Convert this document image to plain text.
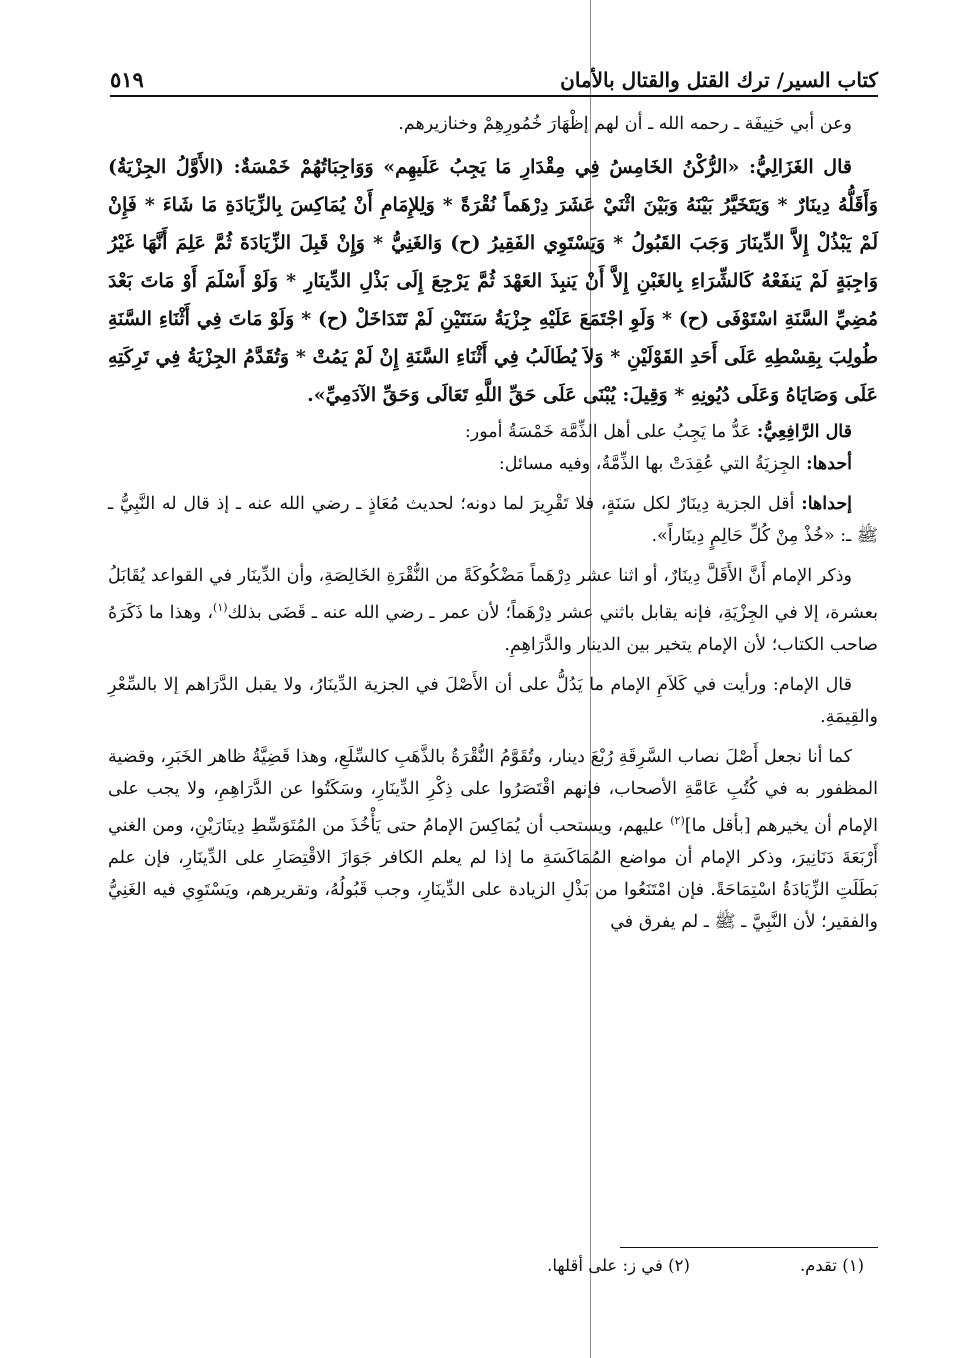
كتاب السير/ ترك القتل والقتال بالأمان
٥١٩

وعن أبي حَنِيفَة ـ رحمه الله ـ أن لهم إظْهَارَ خُمُورِهِمْ وخنازيرهم.

قال الغَزَالِيُّ: «الرُّكْنُ الخَامِسُ فِي مِقْدَارِ مَا يَجِبُ عَلَيهِم» وَوَاجِبَاتُهُمْ خَمْسَةٌ: (الأَوَّلُ الجِزْيَةُ) وَأَقَلُّهُ دِينَارٌ * وَيَتَخَيَّرُ بَيْنَهُ وَبَيْنَ اثْنَيْ عَشَرَ دِرْهَماً نُقْرَةً * وَلِلإِمَامِ أَنْ يُمَاكِسَ بِالزِّيَادَةِ مَا شَاءَ * فَإِنْ لَمْ يَبْذُلْ إِلاَّ الدِّينَارَ وَجَبَ القَبُولُ * وَيَسْتَوِي الفَقِيرُ (ح) وَالغَنِيُّ * وَإِنْ قَبِلَ الزِّيَادَةَ ثُمَّ عَلِمَ أَنَّهَا غَيْرُ وَاجِبَةٍ لَمْ يَنفَعْهُ كَالشِّرَاءِ بِالغَبْنِ إِلاَّ أَنْ يَنبِذَ العَهْدَ ثُمَّ يَرْجِعَ إِلَى بَذْلِ الدِّينَارِ * وَلَوْ أَسْلَمَ أَوْ مَاتَ بَعْدَ مُضِيِّ السَّنَةِ اسْتَوْفَى (ح) * وَلَوِ اجْتَمَعَ عَلَيْهِ جِزْيَةُ سَنَتَيْنِ لَمْ تَتَدَاخَلْ (ح) * وَلَوْ مَاتَ فِي أَثْنَاءِ السَّنَةِ طُولِبَ بِقِسْطِهِ عَلَى أَحَدِ القَوْلَيْنِ * وَلاَ يُطَالَبُ فِي أَثْنَاءِ السَّنَةِ إِنْ لَمْ يَمُتْ * وَتُقَدَّمُ الجِزْيَةُ فِي تَرِكَتِهِ عَلَى وَصَايَاهُ وَعَلَى دُيُونِهِ * وَقِيلَ: يُبْنَى عَلَى حَقِّ اللَّهِ تَعَالَى وَحَقِّ الآدَمِيِّ».

قال الرَّافِعِيُّ: عَدُّ ما يَجِبُ على أهل الذِّمَّة خَمْسَةُ أمور:

أحدها: الجِزيَةُ التي عُقِدَتْ بها الذِّمَّةُ، وفيه مسائل:

إحداها: أقل الجزية دِينَارٌ لكل سَنَةٍ، فلا تَقْرِيرَ لما دونه؛ لحديث مُعَاذٍ ـ رضي الله عنه ـ إذ قال له النَّبِيُّ ـ ﷺ ـ: «خُذْ مِنْ كُلِّ حَالِمٍ دِينَاراً».

وذكر الإمام أَنَّ الأَقَلَّ دِينَارٌ، أو اثنا عشر دِرْهَماً مَضْكُوكَةً من النُّقْرَةِ الخَالِصَةِ، وأن الدِّينَار في القواعد يُقَابَلُ بعشرة، إلا في الجِزْيَةِ، فإنه يقابل باثني عشر دِرْهَماً؛ لأن عمر ـ رضي الله عنه ـ قَضَى بذلك$^{(١)}$، وهذا ما ذَكَرَهُ صاحب الكتاب؛ لأن الإمام يتخير بين الدينار والدَّرَاهِمِ.

قال الإمام: ورأيت في كَلاَمِ الإمام ما يَدُلُّ على أن الأَصْلَ في الجزية الدِّينَارُ، ولا يقبل الدَّرَاهم إلا بالسِّعْرِ والقِيمَةِ.

كما أنا نجعل أَصْلَ نصاب السَّرِقَةِ رُبْعَ دينار، وتُقَوَّمُ النُّقْرَةُ بالذَّهَبِ كالسِّلَعِ، وهذا قَضِيَّةُ ظاهر الخَبَرِ، وقضية المظفور به في كُتُبِ عَامَّةِ الأصحاب، فإنهم اقْتَصَرُوا على ذِكْرِ الدِّينَارِ، وسَكَتُوا عن الدَّرَاهِمِ، ولا يجب على الإمام أن يخيرهم [بأقل ما]$^{(٢)}$ عليهم، ويستحب أن يُمَاكِسَ الإمامُ حتى يَأْخُذَ من المُتَوَسِّطِ دِينَارَيْنِ، ومن الغني أَرْبَعَةَ دَنَانِيرَ، وذكر الإمام أن مواضع المُمَاكَسَةِ ما إذا لم يعلم الكافر جَوَازَ الاقْتِصَارِ على الدِّينَارِ، فإن علم بَطَلَتِ الزِّيَادَةُ اسْتِمَاحَةً. فإن امْتَنَعُوا من بَذْلِ الزيادة على الدِّينَارِ، وجب قَبُولُهُ، وتقريرهم، ويَسْتَوِي فيه الغَنِيُّ والفقير؛ لأن النَّبِيَّ ـ ﷺ ـ لم يفرق في

(١) تقدم.
(٢) في ز: على أقلها.
